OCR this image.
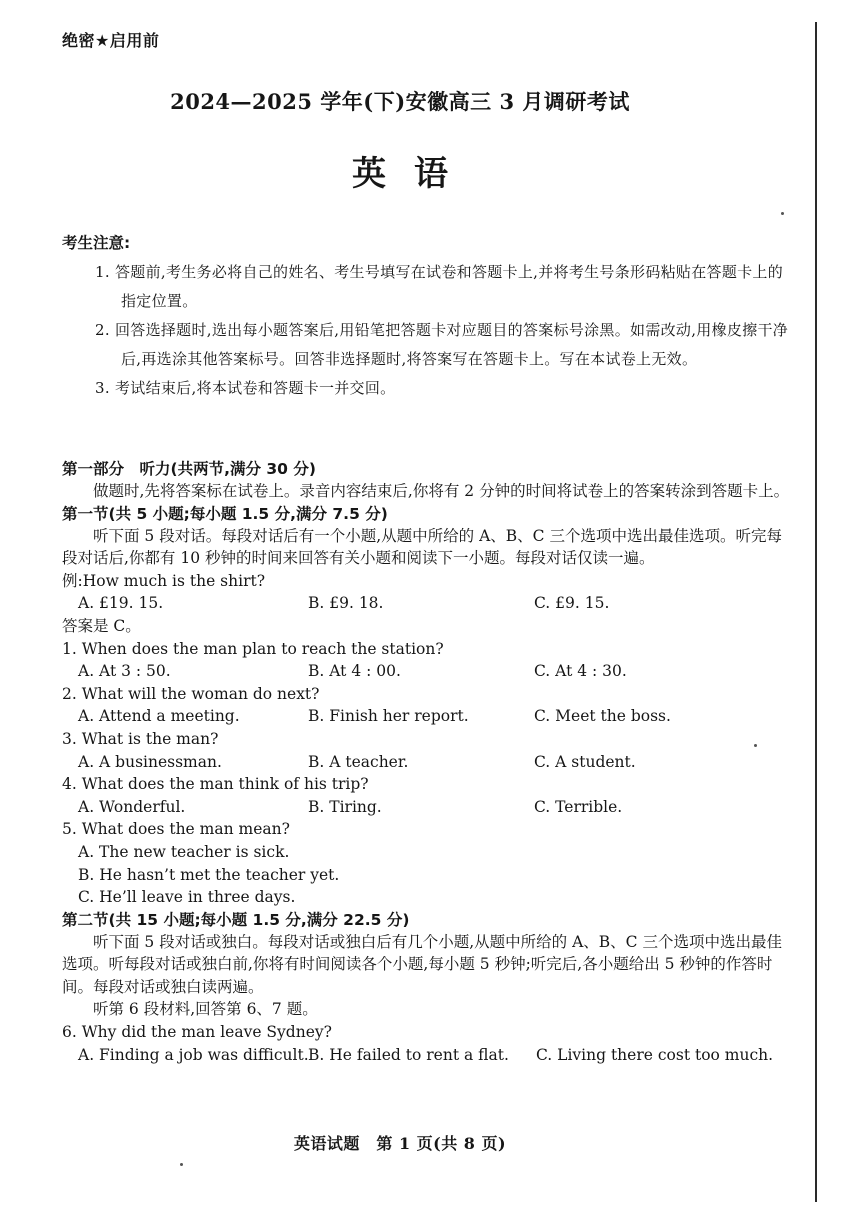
绝密★启用前
2024—2025 学年(下)安徽高三 3 月调研考试
英语
考生注意:
1. 答题前,考生务必将自己的姓名、考生号填写在试卷和答题卡上,并将考生号条形码粘贴在答题卡上的指定位置。
2. 回答选择题时,选出每小题答案后,用铅笔把答题卡对应题目的答案标号涂黑。如需改动,用橡皮擦干净后,再选涂其他答案标号。回答非选择题时,将答案写在答题卡上。写在本试卷上无效。
3. 考试结束后,将本试卷和答题卡一并交回。
第一部分　听力(共两节,满分 30 分)
做题时,先将答案标在试卷上。录音内容结束后,你将有 2 分钟的时间将试卷上的答案转涂到答题卡上。
第一节(共 5 小题;每小题 1.5 分,满分 7.5 分)
听下面 5 段对话。每段对话后有一个小题,从题中所给的 A、B、C 三个选项中选出最佳选项。听完每段对话后,你都有 10 秒钟的时间来回答有关小题和阅读下一小题。每段对话仅读一遍。
例:How much is the shirt?
A. £19. 15.	B. £9. 18.	C. £9. 15.
答案是 C。
1. When does the man plan to reach the station?
A. At 3 : 50.	B. At 4 : 00.	C. At 4 : 30.
2. What will the woman do next?
A. Attend a meeting.	B. Finish her report.	C. Meet the boss.
3. What is the man?
A. A businessman.	B. A teacher.	C. A student.
4. What does the man think of his trip?
A. Wonderful.	B. Tiring.	C. Terrible.
5. What does the man mean?
A. The new teacher is sick.
B. He hasn’t met the teacher yet.
C. He’ll leave in three days.
第二节(共 15 小题;每小题 1.5 分,满分 22.5 分)
听下面 5 段对话或独白。每段对话或独白后有几个小题,从题中所给的 A、B、C 三个选项中选出最佳选项。听每段对话或独白前,你将有时间阅读各个小题,每小题 5 秒钟;听完后,各小题给出 5 秒钟的作答时间。每段对话或独白读两遍。
听第 6 段材料,回答第 6、7 题。
6. Why did the man leave Sydney?
A. Finding a job was difficult. B. He failed to rent a flat. C. Living there cost too much.
英语试题　第 1 页(共 8 页)
